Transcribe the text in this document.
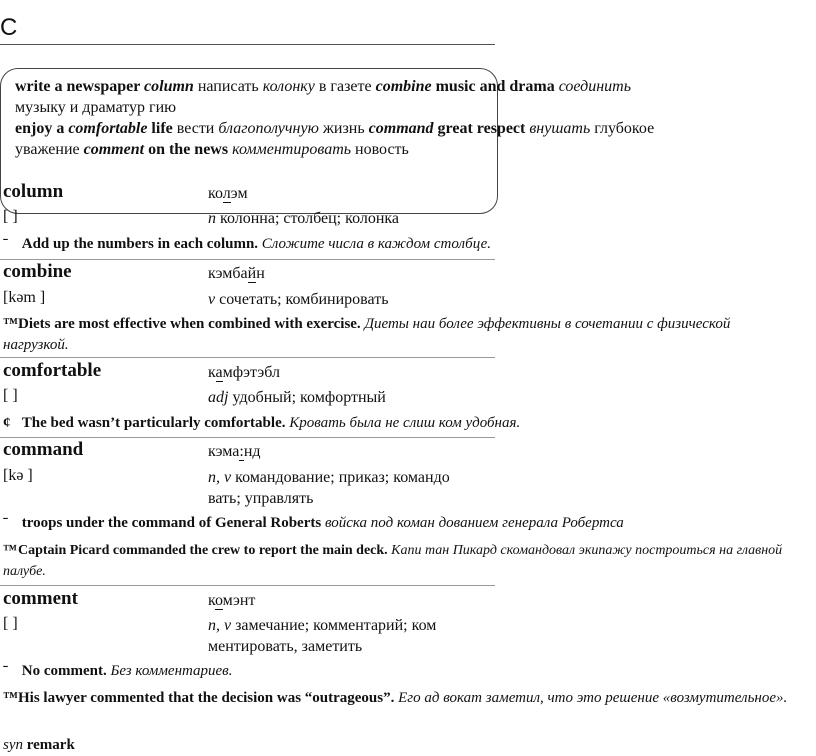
С
write a newspaper column написать колонку в газете combine music and drama соединить
музыку и драматур гию
enjoy a comfortable life вести благополучную жизнь command great respect внушать глубокое
уважение comment on the news комментировать новость
column	колэм
[ ]	n колонна; столбец; колонка
ˉ Add up the numbers in each column. Сложите числа в каждом столбце.
combine	кэмбайн
[kəm ]	v сочетать; комбинировать
™Diets are most effective when combined with exercise. Диеты наи более эффективны в сочетании с физической нагрузкой.
comfortable	камфэтэбл
[ ]	adj удобный; комфортный
¢ The bed wasn’t particularly comfortable. Кровать была не слиш ком удобная.
command	кэма:нд
[kə ]	n, v командование; приказ; командо
вать; управлять
ˉ troops under the command of General Roberts войска под коман дованием генерала Робертса
™Captain Picard commanded the crew to report the main deck. Капи тан Пикард скомандовал экипажу построиться на главной палубе.
comment	комэнт
[ ]	n, v замечание; комментарий; ком
ментировать, заметить
ˉ No comment. Без комментариев.
™His lawyer commented that the decision was “outrageous”. Его ад вокат заметил, что это решение «возмутительное».
syn remark
